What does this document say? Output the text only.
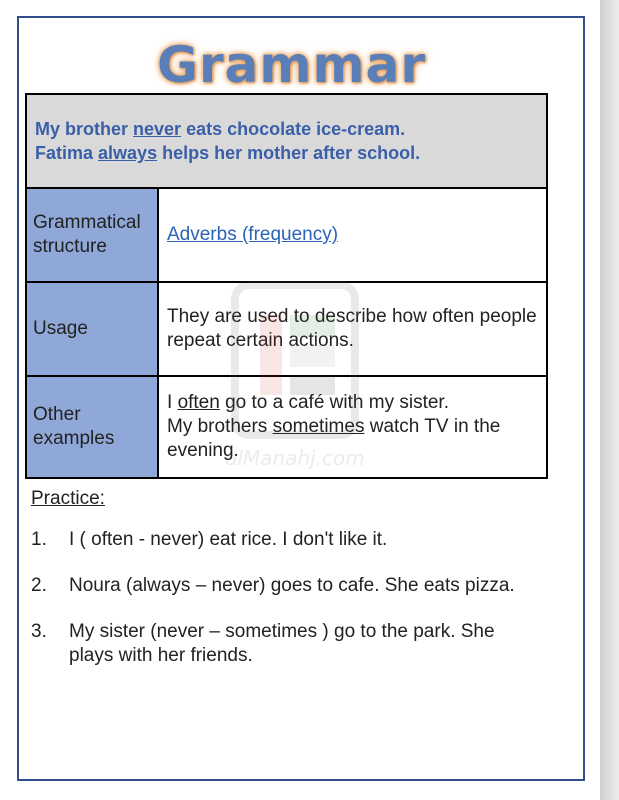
Grammar

My brother never eats chocolate ice-cream.

Fatima always helps her mother after school.	

Grammatical structure	Adverbs (frequency)
Usage	They are used to describe how often people repeat certain actions.
Other examples	I often go to a café with my sister.
My brothers sometimes watch TV in the evening.
Practice:
1.	I ( often - never) eat rice. I don't like it.
2.	Noura (always – never) goes to cafe. She eats pizza.
3.	My sister (never – sometimes ) go to the park. She plays with her friends.
